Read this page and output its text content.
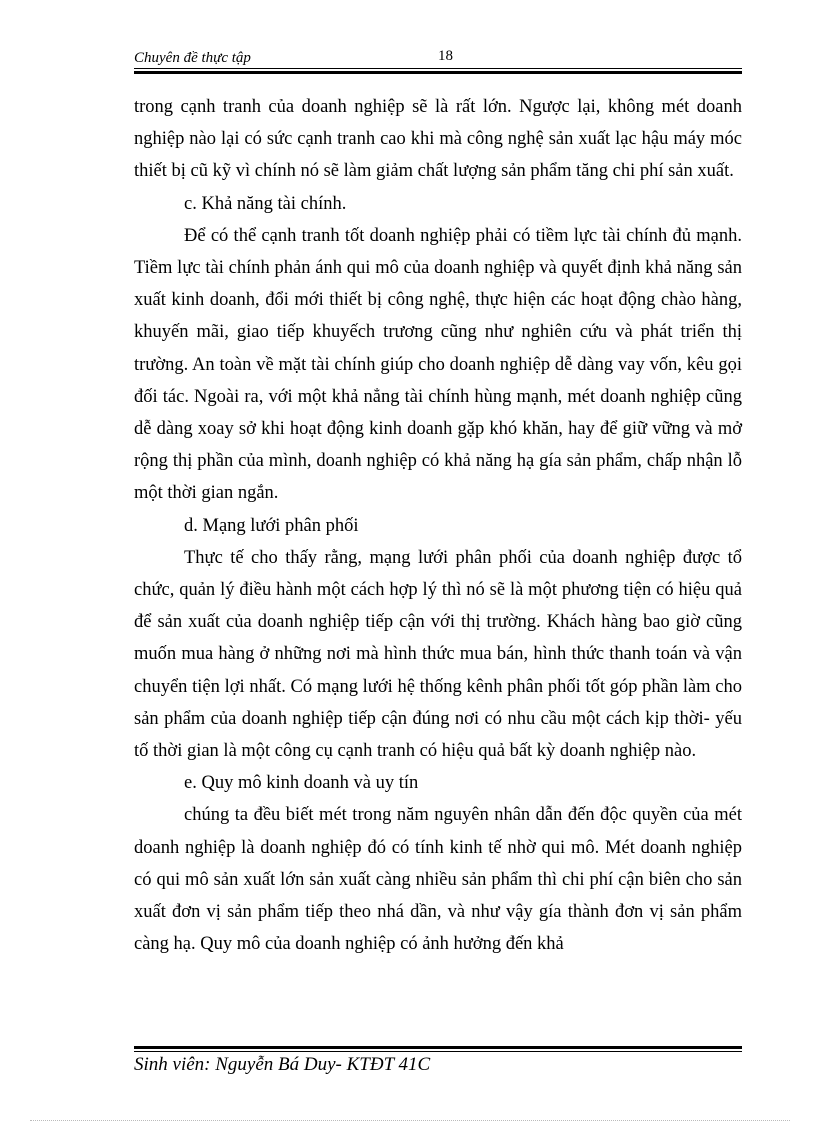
Chuyên đề thực tập	18

trong cạnh tranh của doanh nghiệp sẽ là rất lớn. Ngược lại, không mét doanh nghiệp nào lại có sức cạnh tranh cao khi mà công nghệ sản xuất lạc hậu máy móc thiết bị cũ kỹ vì chính nó sẽ làm giảm chất lượng sản phẩm tăng chi phí sản xuất.

c. Khả năng tài chính.

Để có thể cạnh tranh tốt doanh nghiệp phải có tiềm lực tài chính đủ mạnh. Tiềm lực tài chính phản ánh qui mô của doanh nghiệp và quyết định khả năng sản xuất kinh doanh, đổi mới thiết bị công nghệ, thực hiện các hoạt động chào hàng, khuyến mãi, giao tiếp khuyếch trương cũng như nghiên cứu và phát triển thị trường. An toàn về mặt tài chính giúp cho doanh nghiệp dễ dàng vay vốn, kêu gọi đối tác. Ngoài ra, với một khả nẳng tài chính hùng mạnh, mét doanh nghiệp cũng dễ dàng xoay sở khi hoạt động kinh doanh gặp khó khăn, hay để giữ vững và mở rộng thị phần của mình, doanh nghiệp có khả năng hạ gía sản phẩm, chấp nhận lỗ một thời gian ngắn.

d. Mạng lưới phân phối

Thực tế cho thấy rằng, mạng lưới phân phối của doanh nghiệp được tổ chức, quản lý điều hành một cách hợp lý thì nó sẽ là một phương tiện có hiệu quả để sản xuất của doanh nghiệp tiếp cận với thị trường. Khách hàng bao giờ cũng muốn mua hàng ở những nơi mà hình thức mua bán, hình thức thanh toán và vận chuyển tiện lợi nhất. Có mạng lưới hệ thống kênh phân phối tốt góp phần làm cho sản phẩm của doanh nghiệp tiếp cận đúng nơi có nhu cầu một cách kịp thời- yếu tố thời gian là một công cụ cạnh tranh có hiệu quả bất kỳ doanh nghiệp nào.

e. Quy mô kinh doanh và uy tín

chúng ta đều biết mét trong năm nguyên nhân dẫn đến độc quyền của mét doanh nghiệp là doanh nghiệp đó có tính kinh tế nhờ qui mô. Mét doanh nghiệp có qui mô sản xuất lớn sản xuất càng nhiều sản phẩm thì chi phí cận biên cho sản xuất đơn vị sản phẩm tiếp theo nhá dần, và như vậy gía thành đơn vị sản phẩm càng hạ. Quy mô của doanh nghiệp có ảnh hưởng đến khả

Sinh viên: Nguyễn Bá Duy- KTĐT 41C
